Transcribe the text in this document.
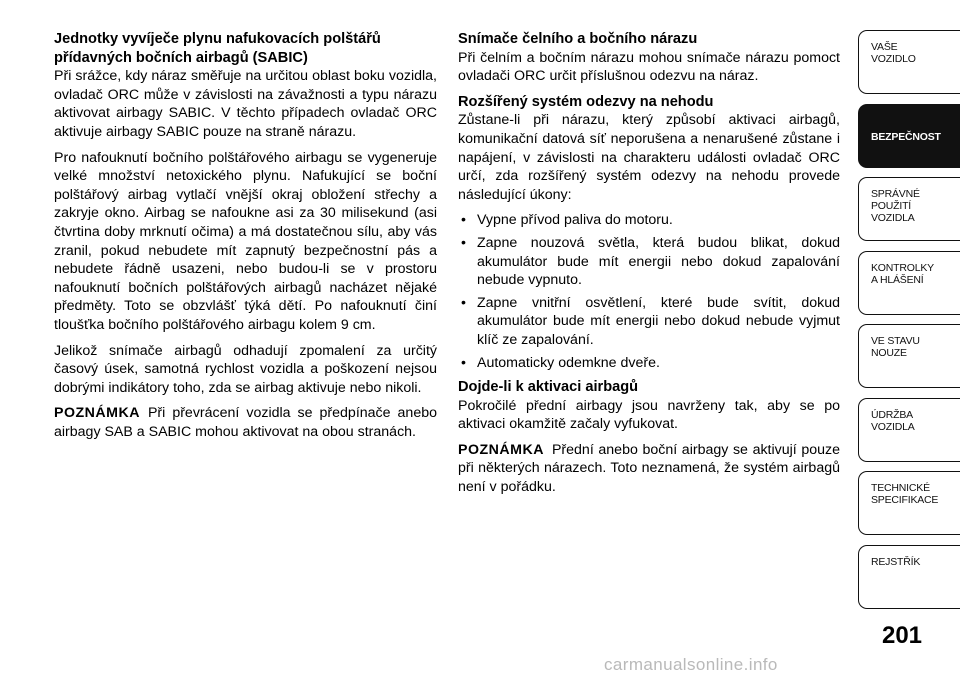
Jednotky vyvíječe plynu nafukovacích polštářů
přídavných bočních airbagů (SABIC)

Při srážce, kdy náraz směřuje na určitou oblast boku vozidla, ovladač ORC může v závislosti na závažnosti a typu nárazu aktivovat airbagy SABIC. V těchto případech ovladač ORC aktivuje airbagy SABIC pouze na straně nárazu.

Pro nafouknutí bočního polštářového airbagu se vygeneruje velké množství netoxického plynu. Nafukující se boční polštářový airbag vytlačí vnější okraj obložení střechy a zakryje okno. Airbag se nafoukne asi za 30 milisekund (asi čtvrtina doby mrknutí očima) a má dostatečnou sílu, aby vás zranil, pokud nebudete mít zapnutý bezpečnostní pás a nebudete řádně usazeni, nebo budou-li se v prostoru nafouknutí bočních polštářových airbagů nacházet nějaké předměty. Toto se obzvlášť týká dětí. Po nafouknutí činí tloušťka bočního polštářového airbagu kolem 9 cm.

Jelikož snímače airbagů odhadují zpomalení za určitý časový úsek, samotná rychlost vozidla a poškození nejsou dobrými indikátory toho, zda se airbag aktivuje nebo nikoli.

POZNÁMKA Při převrácení vozidla se předpínače anebo airbagy SAB a SABIC mohou aktivovat na obou stranách.

Snímače čelního a bočního nárazu

Při čelním a bočním nárazu mohou snímače nárazu pomoct ovladači ORC určit příslušnou odezvu na náraz.

Rozšířený systém odezvy na nehodu

Zůstane-li při nárazu, který způsobí aktivaci airbagů, komunikační datová síť neporušena a nenarušené zůstane i napájení, v závislosti na charakteru události ovladač ORC určí, zda rozšířený systém odezvy na nehodu provede následující úkony:

• Vypne přívod paliva do motoru.
• Zapne nouzová světla, která budou blikat, dokud akumulátor bude mít energii nebo dokud zapalování nebude vypnuto.
• Zapne vnitřní osvětlení, které bude svítit, dokud akumulátor bude mít energii nebo dokud nebude vyjmut klíč ze zapalování.
• Automaticky odemkne dveře.
Dojde-li k aktivaci airbagů

Pokročilé přední airbagy jsou navrženy tak, aby se po aktivaci okamžitě začaly vyfukovat.

POZNÁMKA Přední anebo boční airbagy se aktivují pouze při některých nárazech. Toto neznamená, že systém airbagů není v pořádku.

VAŠE
VOZIDLO
BEZPEČNOST
SPRÁVNÉ
POUŽITÍ
VOZIDLA
KONTROLKY
A HLÁŠENÍ
VE STAVU
NOUZE
ÚDRŽBA
VOZIDLA
TECHNICKÉ
SPECIFIKACE
REJSTŘÍK
201
carmanualsonline.info
